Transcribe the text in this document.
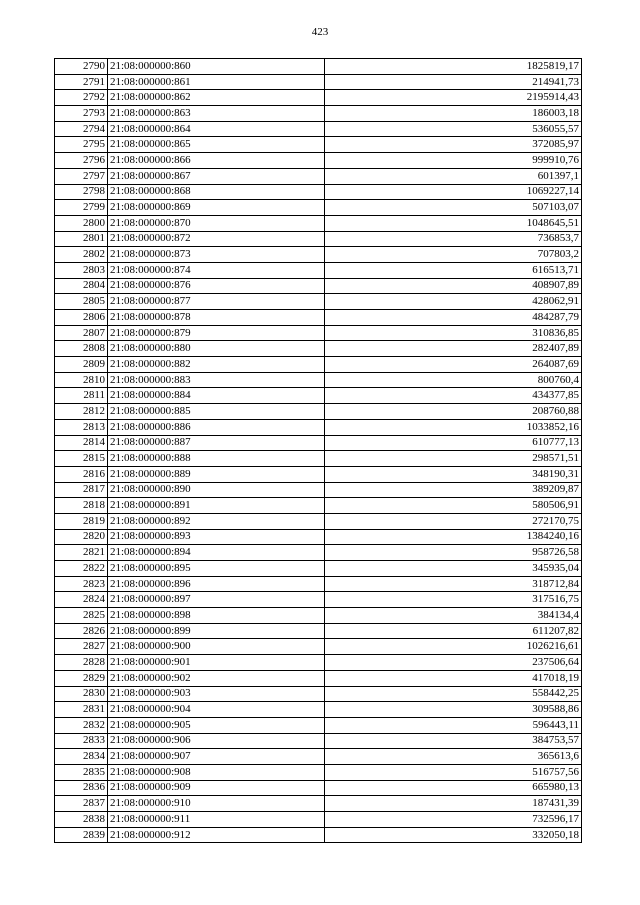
423
2790	21:08:000000:860	1825819,17
2791	21:08:000000:861	214941,73
2792	21:08:000000:862	2195914,43
2793	21:08:000000:863	186003,18
2794	21:08:000000:864	536055,57
2795	21:08:000000:865	372085,97
2796	21:08:000000:866	999910,76
2797	21:08:000000:867	601397,1
2798	21:08:000000:868	1069227,14
2799	21:08:000000:869	507103,07
2800	21:08:000000:870	1048645,51
2801	21:08:000000:872	736853,7
2802	21:08:000000:873	707803,2
2803	21:08:000000:874	616513,71
2804	21:08:000000:876	408907,89
2805	21:08:000000:877	428062,91
2806	21:08:000000:878	484287,79
2807	21:08:000000:879	310836,85
2808	21:08:000000:880	282407,89
2809	21:08:000000:882	264087,69
2810	21:08:000000:883	800760,4
2811	21:08:000000:884	434377,85
2812	21:08:000000:885	208760,88
2813	21:08:000000:886	1033852,16
2814	21:08:000000:887	610777,13
2815	21:08:000000:888	298571,51
2816	21:08:000000:889	348190,31
2817	21:08:000000:890	389209,87
2818	21:08:000000:891	580506,91
2819	21:08:000000:892	272170,75
2820	21:08:000000:893	1384240,16
2821	21:08:000000:894	958726,58
2822	21:08:000000:895	345935,04
2823	21:08:000000:896	318712,84
2824	21:08:000000:897	317516,75
2825	21:08:000000:898	384134,4
2826	21:08:000000:899	611207,82
2827	21:08:000000:900	1026216,61
2828	21:08:000000:901	237506,64
2829	21:08:000000:902	417018,19
2830	21:08:000000:903	558442,25
2831	21:08:000000:904	309588,86
2832	21:08:000000:905	596443,11
2833	21:08:000000:906	384753,57
2834	21:08:000000:907	365613,6
2835	21:08:000000:908	516757,56
2836	21:08:000000:909	665980,13
2837	21:08:000000:910	187431,39
2838	21:08:000000:911	732596,17
2839	21:08:000000:912	332050,18
